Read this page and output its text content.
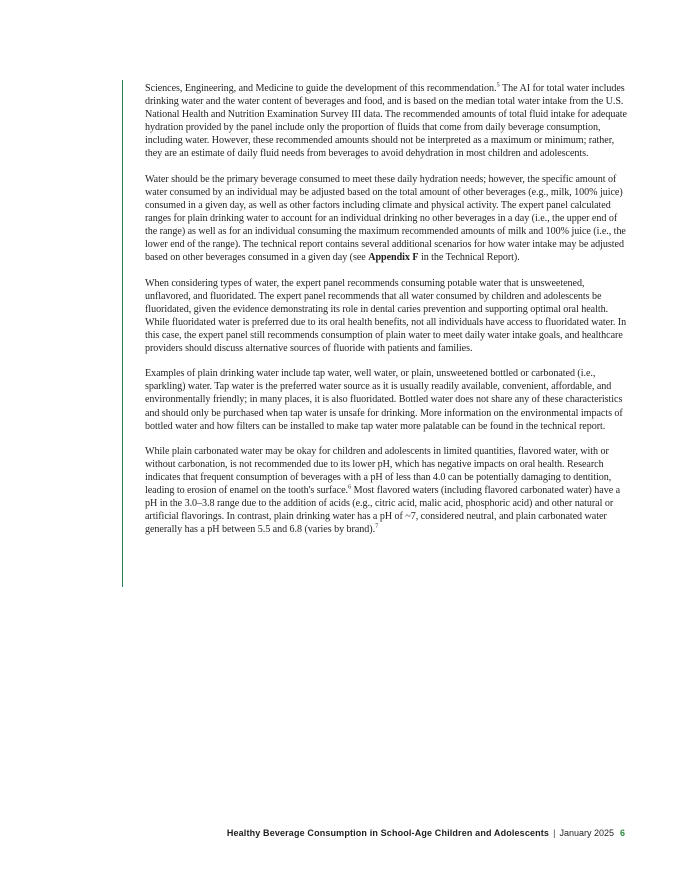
Sciences, Engineering, and Medicine to guide the development of this recommendation.$^5$ The AI for total water includes drinking water and the water content of beverages and food, and is based on the median total water intake from the U.S. National Health and Nutrition Examination Survey III data. The recommended amounts of total fluid intake for adequate hydration provided by the panel include only the proportion of fluids that come from daily beverage consumption, including water. However, these recommended amounts should not be interpreted as a maximum or minimum; rather, they are an estimate of daily fluid needs from beverages to avoid dehydration in most children and adolescents.

Water should be the primary beverage consumed to meet these daily hydration needs; however, the specific amount of water consumed by an individual may be adjusted based on the total amount of other beverages (e.g., milk, 100% juice) consumed in a given day, as well as other factors including climate and physical activity. The expert panel calculated ranges for plain drinking water to account for an individual drinking no other beverages in a day (i.e., the upper end of the range) as well as for an individual consuming the maximum recommended amounts of milk and 100% juice (i.e., the lower end of the range). The technical report contains several additional scenarios for how water intake may be adjusted based on other beverages consumed in a given day (see Appendix F in the Technical Report).

When considering types of water, the expert panel recommends consuming potable water that is unsweetened, unflavored, and fluoridated. The expert panel recommends that all water consumed by children and adolescents be fluoridated, given the evidence demonstrating its role in dental caries prevention and supporting optimal oral health. While fluoridated water is preferred due to its oral health benefits, not all individuals have access to fluoridated water. In this case, the expert panel still recommends consumption of plain water to meet daily water intake goals, and healthcare providers should discuss alternative sources of fluoride with patients and families.

Examples of plain drinking water include tap water, well water, or plain, unsweetened bottled or carbonated (i.e., sparkling) water. Tap water is the preferred water source as it is usually readily available, convenient, affordable, and environmentally friendly; in many places, it is also fluoridated. Bottled water does not share any of these characteristics and should only be purchased when tap water is unsafe for drinking. More information on the environmental impacts of bottled water and how filters can be installed to make tap water more palatable can be found in the technical report.

While plain carbonated water may be okay for children and adolescents in limited quantities, flavored water, with or without carbonation, is not recommended due to its lower pH, which has negative impacts on oral health. Research indicates that frequent consumption of beverages with a pH of less than 4.0 can be potentially damaging to dentition, leading to erosion of enamel on the tooth's surface.$^6$ Most flavored waters (including flavored carbonated water) have a pH in the 3.0–3.8 range due to the addition of acids (e.g., citric acid, malic acid, phosphoric acid) and other natural or artificial flavorings. In contrast, plain drinking water has a pH of ~7, considered neutral, and plain carbonated water generally has a pH between 5.5 and 6.8 (varies by brand).$^7$

Healthy Beverage Consumption in School-Age Children and Adolescents | January 2025 6
